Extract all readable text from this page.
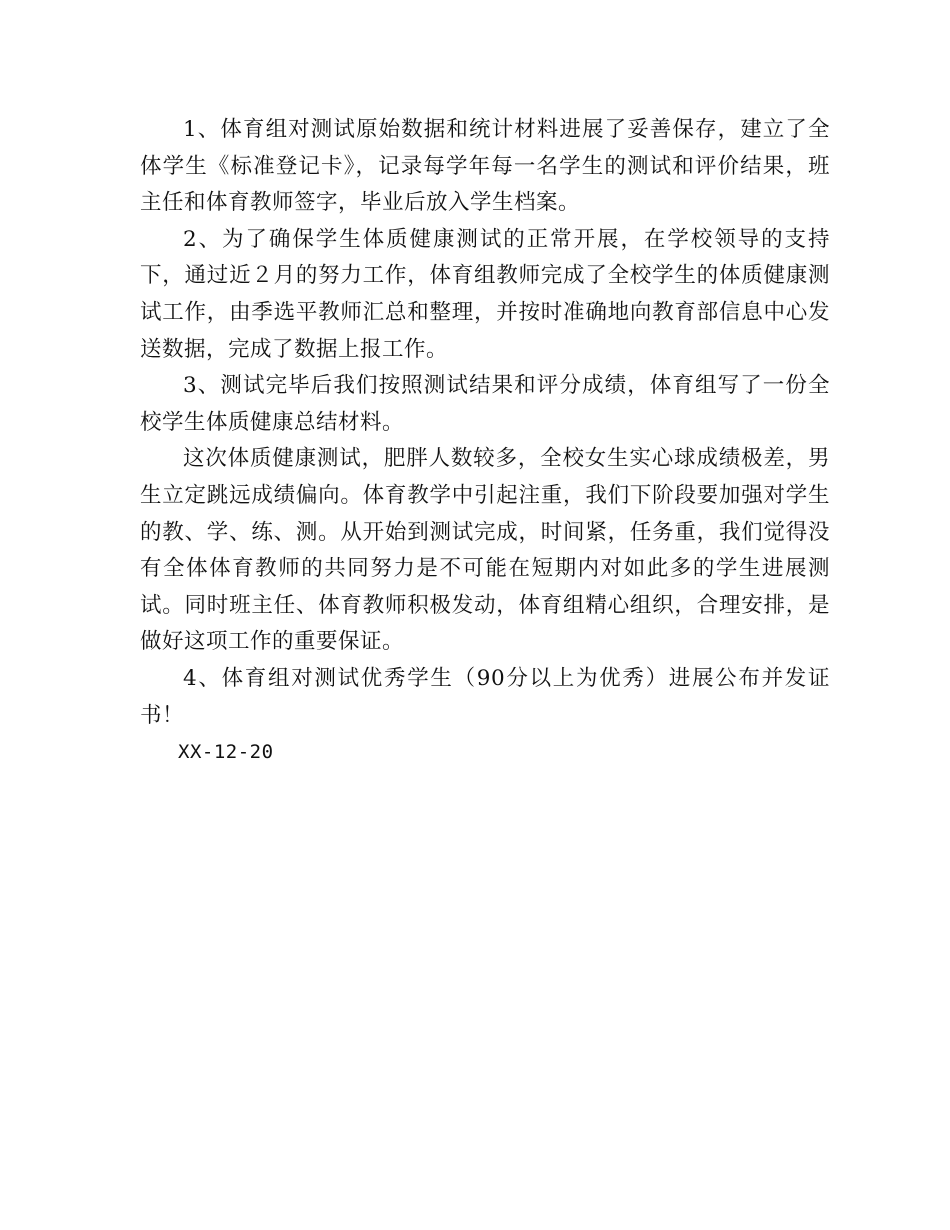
1、体育组对测试原始数据和统计材料进展了妥善保存，建立了全体学生《标准登记卡》，记录每学年每一名学生的测试和评价结果，班主任和体育教师签字，毕业后放入学生档案。

2、为了确保学生体质健康测试的正常开展，在学校领导的支持下，通过近２月的努力工作，体育组教师完成了全校学生的体质健康测试工作，由季选平教师汇总和整理，并按时准确地向教育部信息中心发送数据，完成了数据上报工作。

3、测试完毕后我们按照测试结果和评分成绩，体育组写了一份全校学生体质健康总结材料。

这次体质健康测试，肥胖人数较多，全校女生实心球成绩极差，男生立定跳远成绩偏向。体育教学中引起注重，我们下阶段要加强对学生的教、学、练、测。从开始到测试完成，时间紧，任务重，我们觉得没有全体体育教师的共同努力是不可能在短期内对如此多的学生进展测试。同时班主任、体育教师积极发动，体育组精心组织，合理安排，是做好这项工作的重要保证。

4、体育组对测试优秀学生（90分以上为优秀）进展公布并发证书！

XX-12-20
